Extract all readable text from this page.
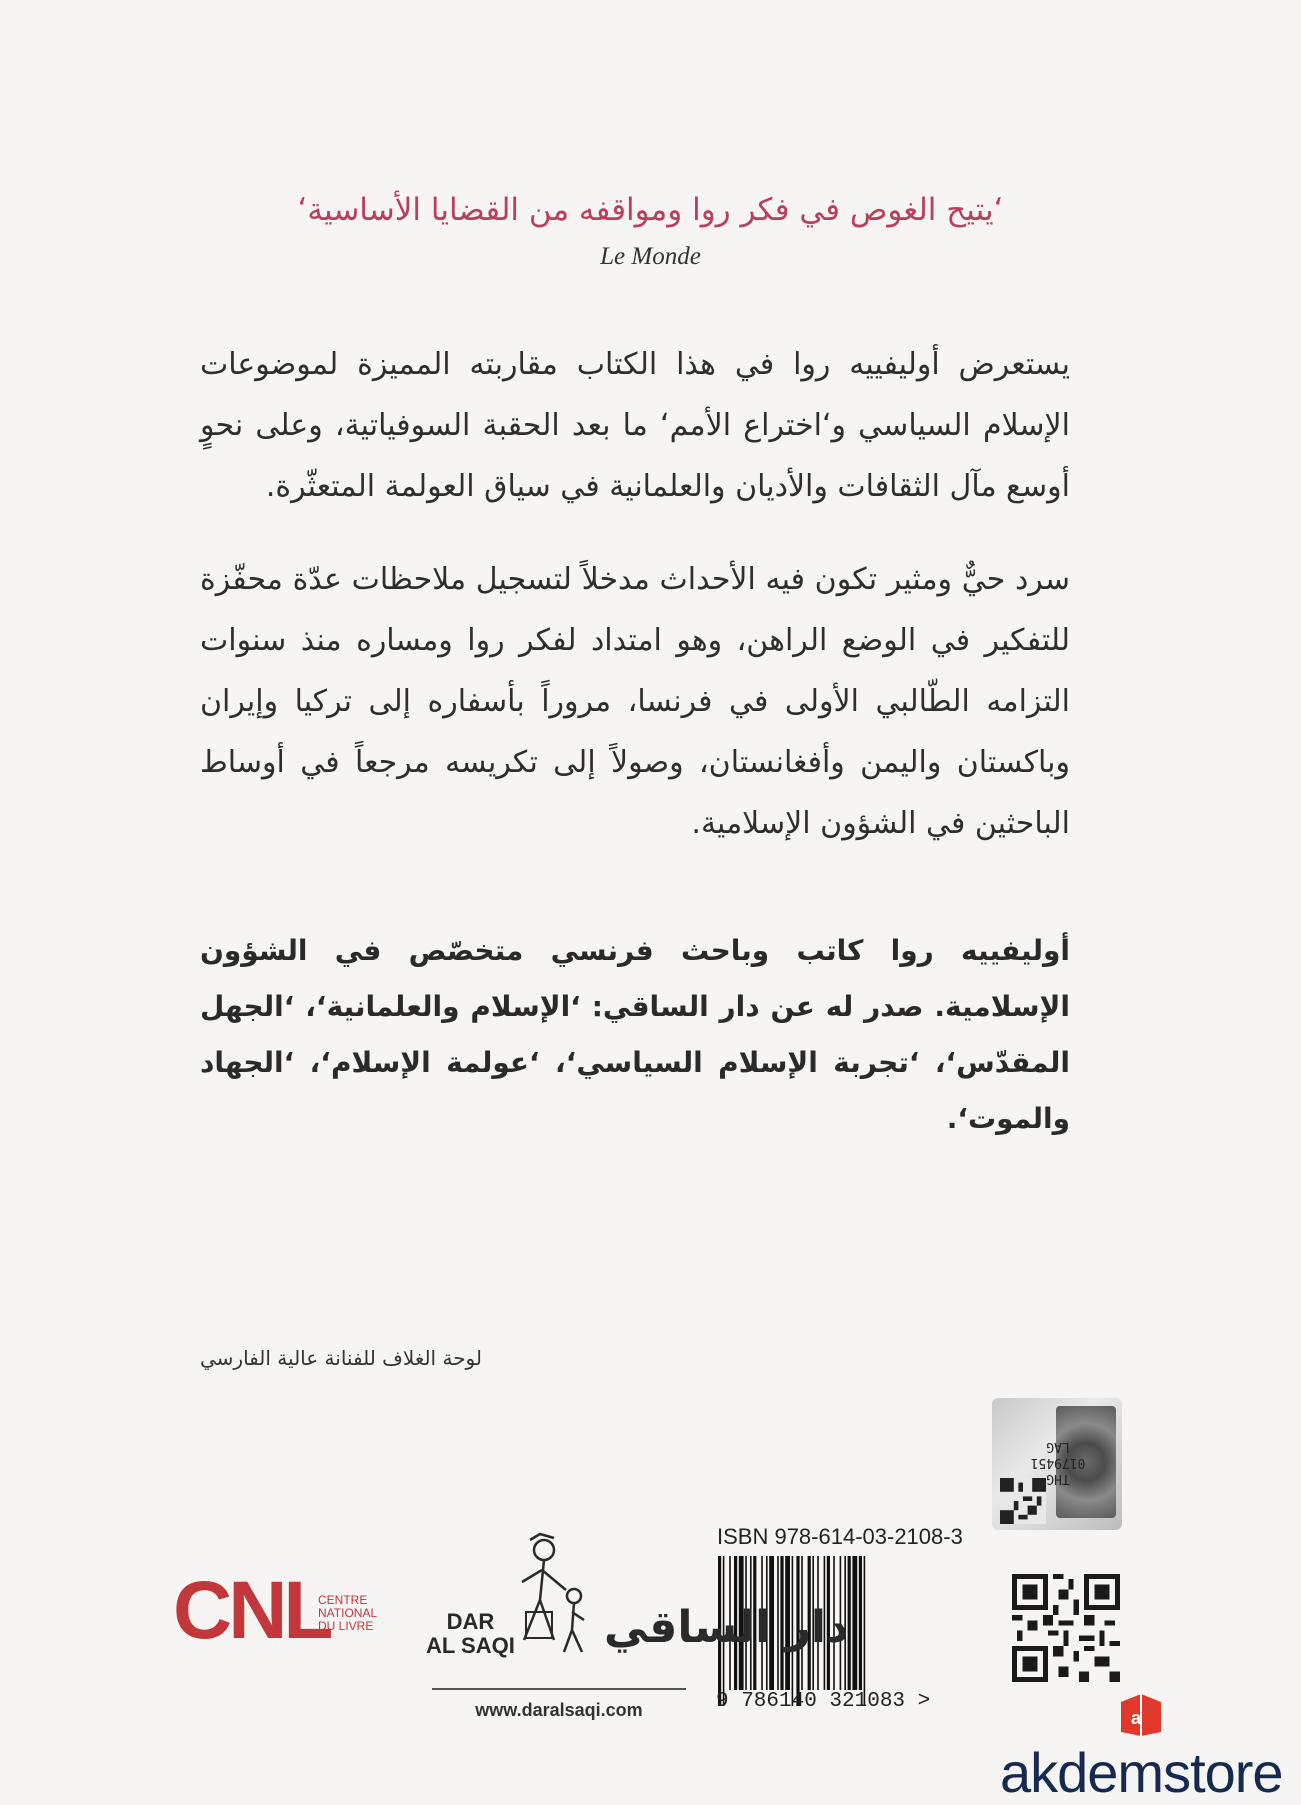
‘يتيح الغوص في فكر روا ومواقفه من القضايا الأساسية‘
Le Monde
يستعرض أوليفييه روا في هذا الكتاب مقاربته المميزة لموضوعات الإسلام السياسي و‘اختراع الأمم‘ ما بعد الحقبة السوفياتية، وعلى نحوٍ أوسع مآل الثقافات والأديان والعلمانية في سياق العولمة المتعثّرة.
سرد حيٌّ ومثير تكون فيه الأحداث مدخلاً لتسجيل ملاحظات عدّة محفّزة للتفكير في الوضع الراهن، وهو امتداد لفكر روا ومساره منذ سنوات التزامه الطّالبي الأولى في فرنسا، مروراً بأسفاره إلى تركيا وإيران وباكستان واليمن وأفغانستان، وصولاً إلى تكريسه مرجعاً في أوساط الباحثين في الشؤون الإسلامية.
أوليفييه روا كاتب وباحث فرنسي متخصّص في الشؤون الإسلامية. صدر له عن دار الساقي: ‘الإسلام والعلمانية‘، ‘الجهل المقدّس‘، ‘تجربة الإسلام السياسي‘، ‘عولمة الإسلام‘، ‘الجهاد والموت‘.
لوحة الغلاف للفنانة عالية الفارسي
THG
0179451
LAG
ISBN 978-614-03-2108-3
9 786140 321083 >
CNL
CENTRE
NATIONAL
DU LIVRE	DAR
AL SAQI دار الساقي
www.daralsaqi.com	a
akdemstore
